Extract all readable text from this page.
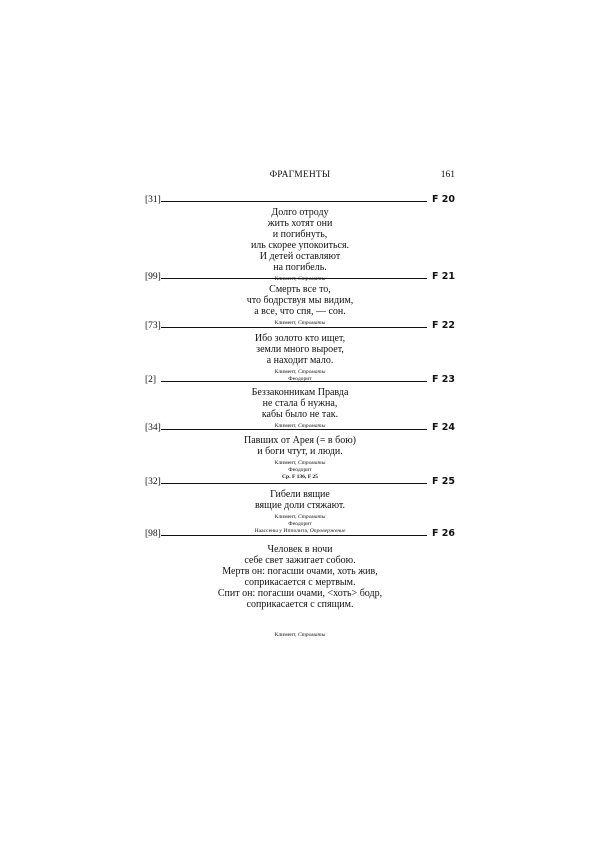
ФРАГМЕНТЫ	161
[31]	F 20
Долго отроду
жить хотят они
и погибнуть,
иль скорее упокоиться.
И детей оставляют
на погибель.
Климент, Строматы
[99]	F 21
Смерть все то,
что бодрствуя мы видим,
а все, что спя, — сон.
Климент, Строматы
[73]	F 22
Ибо золото кто ищет,
земли много выроет,
а находит мало.
Климент, Строматы
Феодорит
[2]	F 23
Беззаконникам Правда
не стала б нужна,
кабы было не так.
Климент, Строматы
[34]	F 24
Павших от Арея (= в бою)
и боги чтут, и люди.
Климент, Строматы
Феодорит
Ср. F 136, F 25
[32]	F 25
Гибели вящие
вящие доли стяжают.
Климент, Строматы
Феодорит
Наассены у Ипполита, Опровержение
[98]	F 26
Человек в ночи
себе свет зажигает собою.
Мертв он: погасши очами, хоть жив,
соприкасается с мертвым.
Спит он: погасши очами, <хоть> бодр,
соприкасается с спящим.
Климент, Строматы
